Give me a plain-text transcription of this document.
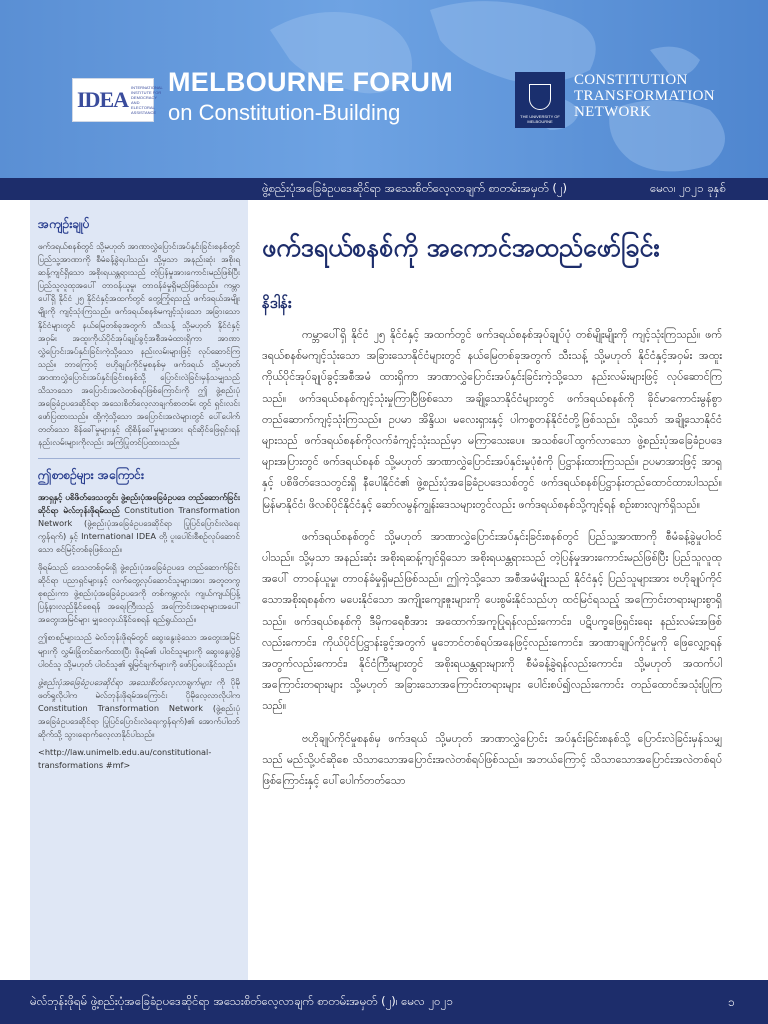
IDEA INTERNATIONAL INSTITUTE FOR DEMOCRACY AND ELECTORAL ASSISTANCE
MELBOURNE FORUM
on Constitution-Building	THE UNIVERSITY OF MELBOURNE
CONSTITUTION
TRANSFORMATION
NETWORK
ဖွဲ့စည်းပုံအခြေခံဥပဒေဆိုင်ရာ အသေးစိတ်လေ့လာချက် စာတမ်းအမှတ် (၂)	မေလ၊ ၂၀၂၁ ခုနှစ်
အကျဉ်းချုပ်

ဖက်ဒရယ်စနစ်တွင် သို့မဟုတ် အာဏာလွှဲပြောင်းအပ်နှင်းခြင်းစနစ်တွင် ပြည်သူ့အာဏာကို စီမံခန့်ခွဲရပါသည်။ သို့မှသာ အနည်းဆုံး အစိုးရဆန့်ကျင်ရှိသော အစိုးရယန္တရားသည် တဲ့ပြန်မှုအားကောင်းမည်ဖြစ်ပြီး ပြည်သူလူထုအပေါ် တာဝန်ယူမှု၊ တာဝန်ခံမှုရှိမည်ဖြစ်သည်။ ကမ္ဘာပေါ်ရှိ နိုင်ငံ ၂၅ နိုင်ငံနှင့်အထက်တွင် တွေ့ကြုံရသည့် ဖက်ဒရယ်အမျိုးမျိုးကို ကျင့်သုံးကြသည်။ ဖက်ဒရယ်စနစ်မကျင့်သုံးသော အခြားသောနိုင်ငံများတွင် နယ်မြေတစ်ခုအတွက် သီးသန့် သို့မဟုတ် နိုင်ငံနှင့်အဝှမ်း အထူးကိုယ်ပိုင်အုပ်ချုပ်ခွင့်အစီအမံထားရှိကာ အာဏာလွှဲပြောင်းအပ်နှင်းခြင်းကဲ့သို့သော နည်းလမ်းများဖြင့် လုပ်ဆောင်ကြသည်။ ဘာကြောင့် ဗဟိုချုပ်ကိုင်မှုစနစ်မှ ဖက်ဒရယ် သို့မဟုတ် အာဏာလွှဲပြောင်းအပ်နှင်းခြင်းစနစ်သို့ ပြောင်းလဲခြင်းမှန်သမျှသည် သိသာသော အပြောင်းအလဲတစ်ရပ်ဖြစ်ကြောင်းကို ဤ ဖွဲ့စည်းပုံအခြေခံဥပဒေဆိုင်ရာ အသေးစိတ်လေ့လာချက်စာတမ်း တွင် ရှင်းလင်းဖော်ပြထားသည်။ ထို့ကဲ့သို့သော အပြောင်းအလဲများတွင် ပေါ်ပေါက်တတ်သော စိန်ခေါ်မှုများနှင့် ထိုစိန်ခေါ်မှုများအား ရင်ဆိုင်ဖြေရှင်းရန် နည်းလမ်းများကိုလည်း အကြံပြုတင်ပြထားသည်။

ဤစာစဉ်များ အကြောင်း

အာရှနှင့် ပစိဖိတ်ဒေသတွင်း ဖွဲ့စည်းပုံအခြေခံဥပဒေ တည်ဆောက်ခြင်းဆိုင်ရာ မဲလ်ဘုန်းဖိုရမ်သည် Constitution Transformation Network (ဖွဲ့စည်းပုံအခြေခံဥပဒေဆိုင်ရာ ပြုပြင်ပြောင်းလဲရေးကွန်ရက်) နှင့် International IDEA တို့ ပူးပေါင်းစီစဉ်လုပ်ဆောင်သော စင်မြင့်တစ်ခုဖြစ်သည်။

ဖိုရမ်သည် ဒေသတစ်ဝှမ်းရှိ ဖွဲ့စည်းပုံအခြေခံဥပဒေ တည်ဆောက်ခြင်းဆိုင်ရာ ပညာရှင်များနှင့် လက်တွေ့လုပ်ဆောင်သူများအား အတူတကွစုစည်းကာ ဖွဲ့စည်းပုံအခြေခံဥပဒေကို တစ်ကမ္ဘာလုံး ကျယ်ကျယ်ပြန့်ပြန့်နားလည်နိုင်စေရန် အရေးကြီးသည့် အကြောင်းအရာများအပေါ် အတွေးအမြင်များ မျှဝေလှယ်နိုင်စေရန် ရည်ရွယ်သည်။

ဤစာစဉ်များသည် မဲလ်ဘုန်းဖိုရမ်တွင် ဆွေးနွေးခဲ့သော အတွေးအမြင်များကို လွှမ်းခြုံတင်ဆက်ထားပြီး ဖိုရမ်၏ ပါဝင်သူများကို ဆွေးနွေးပွဲ၌ ပါဝင်သူ သို့မဟုတ် ပါဝင်သူ၏ ရှုမြင်ချက်များကို ဖော်ပြပေးနိုင်သည်။

ဖွဲ့စည်းပုံအခြေခံဥပဒေဆိုင်ရာ အသေးစိတ်လေ့လာချက်များ ကို ပိုမိုဖတ်ရှုလိုပါက မဲလ်ဘုန်းဖိုရမ်အကြောင်း ပိုမိုလေ့လာလိုပါက Constitution Transformation Network (ဖွဲ့စည်းပုံအခြေခံဥပဒေဆိုင်ရာ ပြုပြင်ပြောင်းလဲရေးကွန်ရက်)၏ အောက်ပါဝဘ်ဆိုက်သို့ သွားရောက်လေ့လာနိုင်ပါသည်။

<http://law.unimelb.edu.au/constitutional-transformations #mf>
ဖက်ဒရယ်စနစ်ကို အကောင်အထည်ဖော်ခြင်း
နိဒါန်း

ကမ္ဘာပေါ်ရှိ နိုင်ငံ ၂၅ နိုင်ငံနှင့် အထက်တွင် ဖက်ဒရယ်စနစ်အုပ်ချုပ်ပုံ တစ်မျိုးမျိုးကို ကျင့်သုံးကြသည်။ ဖက်ဒရယ်စနစ်မကျင့်သုံးသော အခြားသောနိုင်ငံများတွင် နယ်မြေတစ်ခုအတွက် သီးသန့် သို့မဟုတ် နိုင်ငံနှင့်အဝှမ်း အထူးကိုယ်ပိုင်အုပ်ချုပ်ခွင့်အစီအမံ ထားရှိကာ အာဏာလွှဲပြောင်းအပ်နှင်းခြင်းကဲ့သို့သော နည်းလမ်းများဖြင့် လုပ်ဆောင်ကြသည်။ ဖက်ဒရယ်စနစ်ကျင့်သုံးမှုကြာပြီဖြစ်သော အချို့သောနိုင်ငံများတွင် ဖက်ဒရယ်စနစ်ကို ခိုင်မာကောင်းမွန်စွာ တည်ဆောက်ကျင့်သုံးကြသည်။ ဥပမာ အိန္ဒိယ၊ မလေးရှားနှင့် ပါကစ္စတန်နိုင်ငံတို့ဖြစ်သည်။ သို့သော် အချို့သောနိုင်ငံများသည် ဖက်ဒရယ်စနစ်ကိုလက်ခံကျင့်သုံးသည်မှာ မကြာသေးပေ။ အသစ်ပေါ်ထွက်လာသော ဖွဲ့စည်းပုံအခြေခံဥပဒေများအပြားတွင် ဖက်ဒရယ်စနစ် သို့မဟုတ် အာဏာလွှဲပြောင်းအပ်နှင်းမှုပုံစံကို ပြဋ္ဌာန်းထားကြသည်။ ဥပမာအားဖြင့် အာရှနှင့် ပစိဖိတ်ဒေသတွင်းရှိ နီပေါနိုင်ငံ၏ ဖွဲ့စည်းပုံအခြေခံဥပဒေသစ်တွင် ဖက်ဒရယ်စနစ်ပြဋ္ဌာန်းတည်ထောင်ထားပါသည်။ မြန်မာနိုင်ငံ၊ ဖိလစ်ပိုင်နိုင်ငံနှင့် ဆော်လမွန်ကျွန်းဒေသများတွင်လည်း ဖက်ဒရယ်စနစ်သို့ကျင့်ရန် စဉ်းစားလျက်ရှိသည်။

ဖက်ဒရယ်စနစ်တွင် သို့မဟုတ် အာဏာလွှဲပြောင်းအပ်နှင်းခြင်းစနစ်တွင် ပြည်သူ့အာဏာကို စီမံခန့်ခွဲမှုပါဝင်ပါသည်။ သို့မှသာ အနည်းဆုံး အစိုးရဆန့်ကျင်ရှိသော အစိုးရယန္တရားသည် တဲ့ပြန်မှုအားကောင်းမည်ဖြစ်ပြီး ပြည်သူလူထုအပေါ် တာဝန်ယူမှု၊ တာဝန်ခံမှုရှိမည်ဖြစ်သည်။ ဤကဲ့သို့သော အစီအမံမျိုးသည် နိုင်ငံနှင့် ပြည်သူများအား ဗဟိုချုပ်ကိုင်သောအစိုးရစနစ်က မပေးနိုင်သော အကျိုးကျေးဇူးများကို ပေးစွမ်းနိုင်သည်ဟု ထင်မြင်ရသည့် အကြောင်းတရားများစွာရှိသည်။ ဖက်ဒရယ်စနစ်ကို ဒီမိုကရေစီအား အထောက်အကူပြုရန်လည်းကောင်း၊ ပဋိပက္ခဖြေရှင်းရေး နည်းလမ်းအဖြစ်လည်းကောင်း၊ ကိုယ်ပိုင်ပြဋ္ဌာန်းခွင့်အတွက် မူဘောင်တစ်ရပ်အနေဖြင့်လည်းကောင်း၊ အာဏာချုပ်ကိုင်မှုကို ဖြေလျှော့ရန်အတွက်လည်းကောင်း၊ နိုင်ငံကြီးများတွင် အစိုးရယန္တရားများကို စီမံခန့်ခွဲရန်လည်းကောင်း၊ သို့မဟုတ် အထက်ပါ အကြောင်းတရားများ သို့မဟုတ် အခြားသောအကြောင်းတရားများ ပေါင်းစပ်၍လည်းကောင်း တည်ထောင်အသုံးပြုကြသည်။

ဗဟိုချုပ်ကိုင်မှုစနစ်မှ ဖက်ဒရယ် သို့မဟုတ် အာဏာလွှဲပြောင်း အပ်နှင်းခြင်းစနစ်သို့ ပြောင်းလဲခြင်းမှန်သမျှသည် မည်သို့ပင်ဆိုစေ သိသာသောအပြောင်းအလဲတစ်ရပ်ဖြစ်သည်။ အဘယ်ကြောင့် သိသာသောအပြောင်းအလဲတစ်ရပ်ဖြစ်ကြောင်းနှင့် ပေါ်ပေါက်တတ်သော

မဲလ်ဘုန်းဖိုရမ် ဖွဲ့စည်းပုံအခြေခံဥပဒေဆိုင်ရာ အသေးစိတ်လေ့လာချက် စာတမ်းအမှတ် (၂)၊ မေလ ၂၀၂၁	၁
